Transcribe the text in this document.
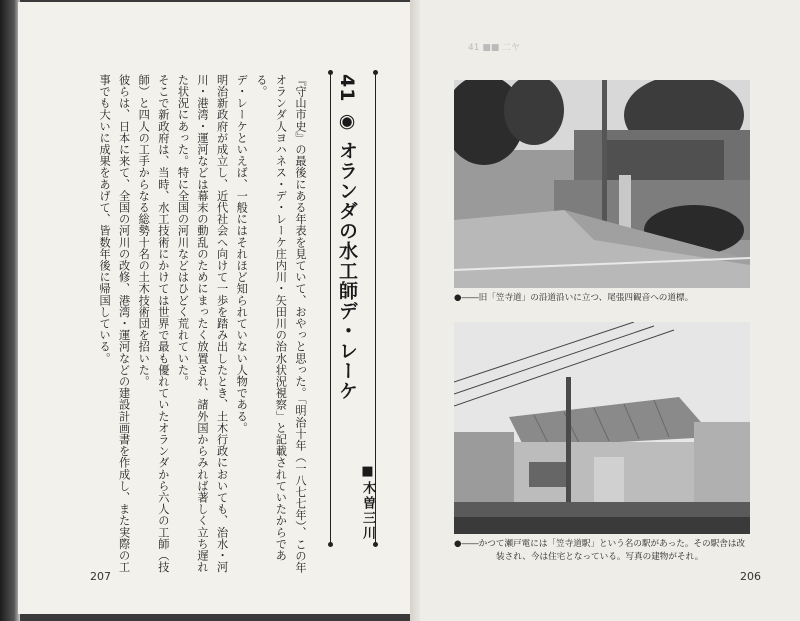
41 ◉ オランダの水工師デ・レーケ
■木曽三川

『守山市史』の最後にある年表を見ていて、おやっと思った。「明治十年（一八七七年）、この年オランダ人ヨハネス・デ・レーケ庄内川・矢田川の治水状況視察」と記載されていたからである。

デ・レーケといえば、一般にはそれほど知られていない人物である。

明治新政府が成立し、近代社会へ向けて一歩を踏み出したとき、土木行政においても、治水・河川・港湾・運河などは幕末の動乱のためにまったく放置され、諸外国からみれば著しく立ち遅れた状況にあった。特に全国の河川などはひどく荒れていた。

そこで新政府は、当時、水工技術にかけては世界で最も優れていたオランダから六人の工師（技師）と四人の工手からなる総勢十名の土木技術団を招いた。

彼らは、日本に来て、全国の河川の改修、港湾・運河などの建設計画書を作成し、また実際の工事でも大いに成果をあげて、皆数年後に帰国している。

207
41 ■■ 二ヤ
●――旧「笠寺道」の沿道沿いに立つ、尾張四観音への道標。
●――かつて瀬戸電には「笠寺道駅」という名の駅があった。その駅舎は改
装され、今は住宅となっている。写真の建物がそれ。
206
